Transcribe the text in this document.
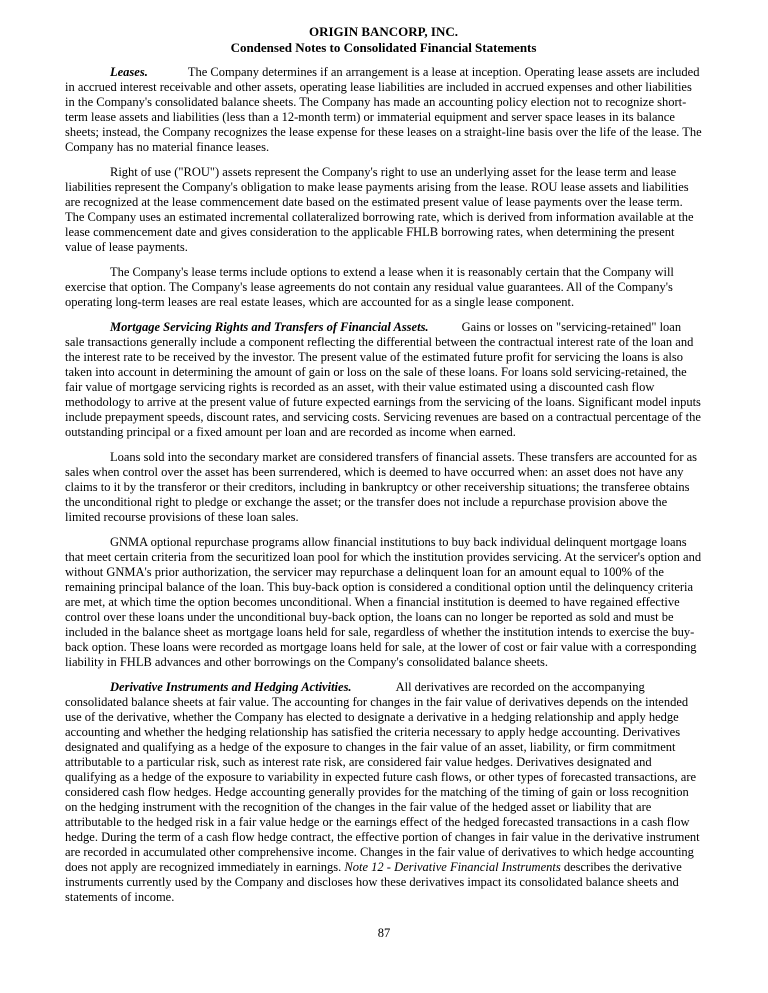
ORIGIN BANCORP, INC.
Condensed Notes to Consolidated Financial Statements

Leases.	The Company determines if an arrangement is a lease at inception. Operating lease assets are included in accrued interest receivable and other assets, operating lease liabilities are included in accrued expenses and other liabilities in the Company's consolidated balance sheets. The Company has made an accounting policy election not to recognize short-term lease assets and liabilities (less than a 12-month term) or immaterial equipment and server space leases in its balance sheets; instead, the Company recognizes the lease expense for these leases on a straight-line basis over the life of the lease. The Company has no material finance leases.

Right of use ("ROU") assets represent the Company's right to use an underlying asset for the lease term and lease liabilities represent the Company's obligation to make lease payments arising from the lease. ROU lease assets and liabilities are recognized at the lease commencement date based on the estimated present value of lease payments over the lease term. The Company uses an estimated incremental collateralized borrowing rate, which is derived from information available at the lease commencement date and gives consideration to the applicable FHLB borrowing rates, when determining the present value of lease payments.

The Company's lease terms include options to extend a lease when it is reasonably certain that the Company will exercise that option. The Company's lease agreements do not contain any residual value guarantees. All of the Company's operating long-term leases are real estate leases, which are accounted for as a single lease component.

Mortgage Servicing Rights and Transfers of Financial Assets.	Gains or losses on "servicing-retained" loan sale transactions generally include a component reflecting the differential between the contractual interest rate of the loan and the interest rate to be received by the investor. The present value of the estimated future profit for servicing the loans is also taken into account in determining the amount of gain or loss on the sale of these loans. For loans sold servicing-retained, the fair value of mortgage servicing rights is recorded as an asset, with their value estimated using a discounted cash flow methodology to arrive at the present value of future expected earnings from the servicing of the loans. Significant model inputs include prepayment speeds, discount rates, and servicing costs. Servicing revenues are based on a contractual percentage of the outstanding principal or a fixed amount per loan and are recorded as income when earned.

Loans sold into the secondary market are considered transfers of financial assets. These transfers are accounted for as sales when control over the asset has been surrendered, which is deemed to have occurred when: an asset does not have any claims to it by the transferor or their creditors, including in bankruptcy or other receivership situations; the transferee obtains the unconditional right to pledge or exchange the asset; or the transfer does not include a repurchase provision above the limited recourse provisions of these loan sales.

GNMA optional repurchase programs allow financial institutions to buy back individual delinquent mortgage loans that meet certain criteria from the securitized loan pool for which the institution provides servicing. At the servicer's option and without GNMA's prior authorization, the servicer may repurchase a delinquent loan for an amount equal to 100% of the remaining principal balance of the loan. This buy-back option is considered a conditional option until the delinquency criteria are met, at which time the option becomes unconditional. When a financial institution is deemed to have regained effective control over these loans under the unconditional buy-back option, the loans can no longer be reported as sold and must be included in the balance sheet as mortgage loans held for sale, regardless of whether the institution intends to exercise the buy-back option. These loans were recorded as mortgage loans held for sale, at the lower of cost or fair value with a corresponding liability in FHLB advances and other borrowings on the Company's consolidated balance sheets.

Derivative Instruments and Hedging Activities.	All derivatives are recorded on the accompanying consolidated balance sheets at fair value. The accounting for changes in the fair value of derivatives depends on the intended use of the derivative, whether the Company has elected to designate a derivative in a hedging relationship and apply hedge accounting and whether the hedging relationship has satisfied the criteria necessary to apply hedge accounting. Derivatives designated and qualifying as a hedge of the exposure to changes in the fair value of an asset, liability, or firm commitment attributable to a particular risk, such as interest rate risk, are considered fair value hedges. Derivatives designated and qualifying as a hedge of the exposure to variability in expected future cash flows, or other types of forecasted transactions, are considered cash flow hedges. Hedge accounting generally provides for the matching of the timing of gain or loss recognition on the hedging instrument with the recognition of the changes in the fair value of the hedged asset or liability that are attributable to the hedged risk in a fair value hedge or the earnings effect of the hedged forecasted transactions in a cash flow hedge. During the term of a cash flow hedge contract, the effective portion of changes in fair value in the derivative instrument are recorded in accumulated other comprehensive income. Changes in the fair value of derivatives to which hedge accounting does not apply are recognized immediately in earnings. Note 12 - Derivative Financial Instruments describes the derivative instruments currently used by the Company and discloses how these derivatives impact its consolidated balance sheets and statements of income.

87
